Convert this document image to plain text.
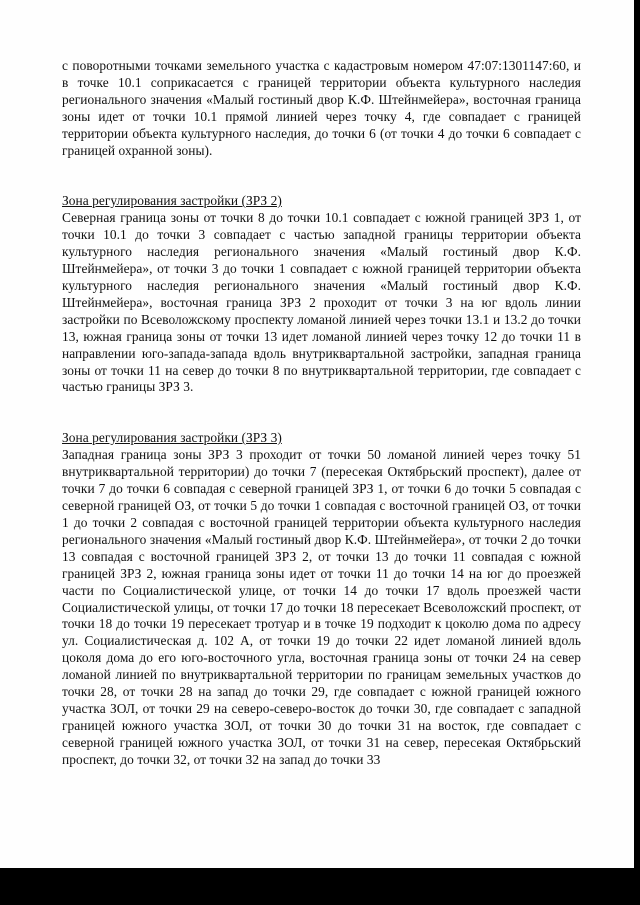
с поворотными точками земельного участка с кадастровым номером 47:07:1301147:60, и в точке 10.1 соприкасается с границей территории объекта культурного наследия регионального значения «Малый гостиный двор К.Ф. Штейнмейера», восточная граница зоны идет от точки 10.1 прямой линией через точку 4, где совпадает с границей территории объекта культурного наследия, до точки 6 (от точки 4 до точки 6 совпадает с границей охранной зоны).

Зона регулирования застройки (ЗРЗ 2)

Северная граница зоны от точки 8 до точки 10.1 совпадает с южной границей ЗРЗ 1, от точки 10.1 до точки 3 совпадает с частью западной границы территории объекта культурного наследия регионального значения «Малый гостиный двор К.Ф. Штейнмейера», от точки 3 до точки 1 совпадает с южной границей территории объекта культурного наследия регионального значения «Малый гостиный двор К.Ф. Штейнмейера», восточная граница ЗРЗ 2 проходит от точки 3 на юг вдоль линии застройки по Всеволожскому проспекту ломаной линией через точки 13.1 и 13.2 до точки 13, южная граница зоны от точки 13 идет ломаной линией через точку 12 до точки 11 в направлении юго-запада-запада вдоль внутриквартальной застройки, западная граница зоны от точки 11 на север до точки 8 по внутриквартальной территории, где совпадает с частью границы ЗРЗ 3.

Зона регулирования застройки (ЗРЗ 3)

Западная граница зоны ЗРЗ 3 проходит от точки 50 ломаной линией через точку 51 внутриквартальной территории) до точки 7 (пересекая Октябрьский проспект), далее от точки 7 до точки 6 совпадая с северной границей ЗРЗ 1, от точки 6 до точки 5 совпадая с северной границей ОЗ, от точки 5 до точки 1 совпадая с восточной границей ОЗ, от точки 1 до точки 2 совпадая с восточной границей территории объекта культурного наследия регионального значения «Малый гостиный двор К.Ф. Штейнмейера», от точки 2 до точки 13 совпадая с восточной границей ЗРЗ 2, от точки 13 до точки 11 совпадая с южной границей ЗРЗ 2, южная граница зоны идет от точки 11 до точки 14 на юг до проезжей части по Социалистической улице, от точки 14 до точки 17 вдоль проезжей части Социалистической улицы, от точки 17 до точки 18 пересекает Всеволожский проспект, от точки 18 до точки 19 пересекает тротуар и в точке 19 подходит к цоколю дома по адресу ул. Социалистическая д. 102 А, от точки 19 до точки 22 идет ломаной линией вдоль цоколя дома до его юго-восточного угла, восточная граница зоны от точки 24 на север ломаной линией по внутриквартальной территории по границам земельных участков до точки 28, от точки 28 на запад до точки 29, где совпадает с южной границей южного участка ЗОЛ, от точки 29 на северо-северо-восток до точки 30, где совпадает с западной границей южного участка ЗОЛ, от точки 30 до точки 31 на восток, где совпадает с северной границей южного участка ЗОЛ, от точки 31 на север, пересекая Октябрьский проспект, до точки 32, от точки 32 на запад до точки 33
